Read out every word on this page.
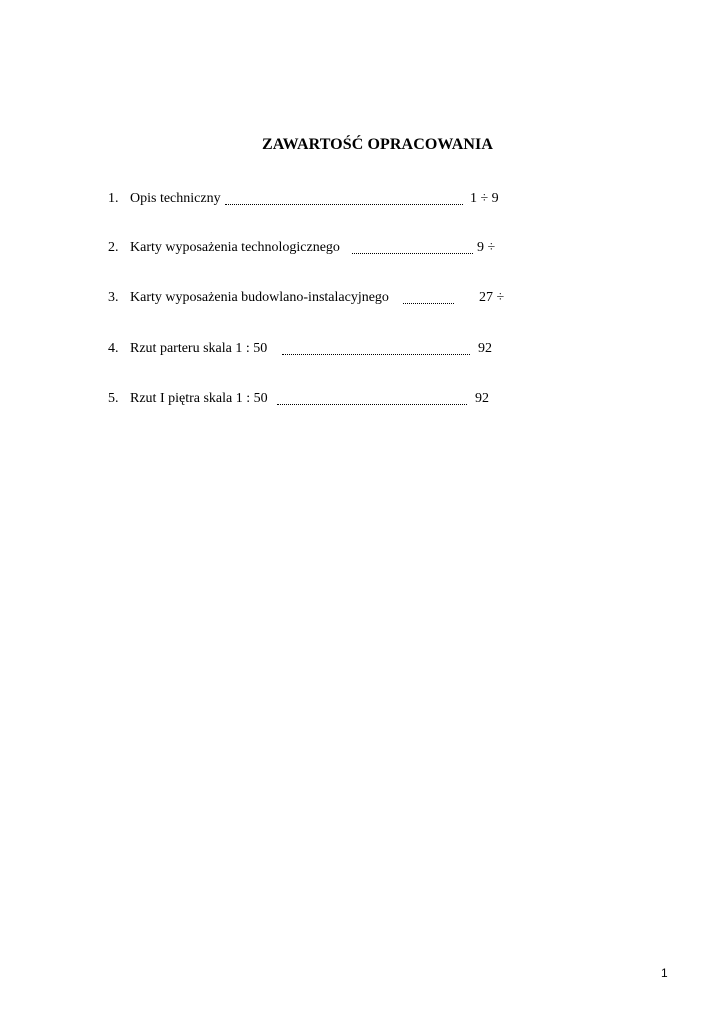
ZAWARTOŚĆ OPRACOWANIA
1. Opis techniczny	1 ÷ 9
2. Karty wyposażenia technologicznego	9 ÷
3. Karty wyposażenia budowlano-instalacyjnego	27 ÷
4. Rzut parteru skala 1 : 50	92
5. Rzut I piętra skala 1 : 50	92
1
